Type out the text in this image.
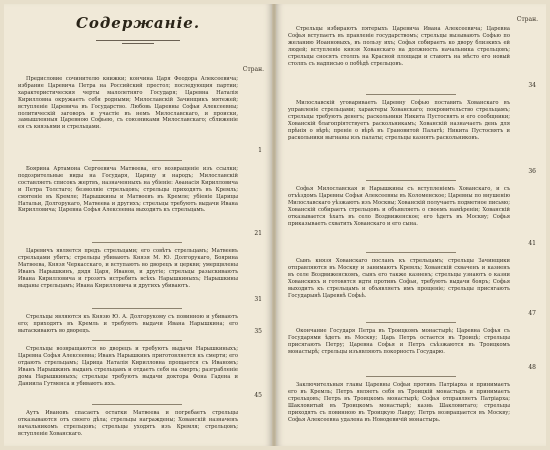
Содержанiе.
Стран.
Предисловие сочинителю книжки; кончина Царя Феодора Алексеевича; избрание Царевича Петра на Российский престол; последующия партии; характеристическия черты малолетняго Государя; Царевна Наталiя Кирилловна окружаетъ себя родными; Милославскiй Зачинщикъ мятежей; вступленiе Царевича въ Государство. Любовь Царевны Софьи Алексеевны; политическiй заговоръ и участiе въ немъ Милославскаго, и происки, замышленныя Царевною Софьею, съ союзниками Милославскаго; сближенiе ея съ князьями и стрельцами.
1
Боярина Артамона Сергеевича Матвеева, его возвращенiе изъ ссылки; подозрительные виды на Государя, Царицу и народъ; Милославскiй составляетъ списокъ жертвъ, назначенныхъ на убiенiе: Аѳанасiя Кирилловича и Петра Толстаго; безмолвiе стрельцовъ; стрельцы приходятъ въ Кремль; смятенiе въ Кремле; Нарышкины и Матвеевъ въ Кремле; убiенiе Царицы Натальи, Долгорукаго, Матвеева и другихъ; стрельцы требуютъ выдачи Ивана Кирилловича; Царевна Софья Алексеевна выходитъ къ стрельцамъ.
21
Царевичъ является предъ стрельцами; его совѣтъ стрельцамъ; Матвеевъ стрельцами убитъ; стрельцы убиваютъ Князя М. Ю. Долгорукаго, Боярина Матвеева, Князя Черкасскаго, и вступаютъ во дворецъ и церкви; умерщвлены Иванъ Нарышкинъ, дядя Царя, Иванов, и другiе; стрельцы разыскиваютъ Ивана Кирилловича и грозятъ истребить всѣхъ Нарышкиныхъ; Нарышкины выданы стрельцамъ; Ивана Кирилловича и другихъ убиваютъ.
31
Стрельцы являются къ Князю Ю. А. Долгорукому съ повинною и убиваютъ его; приходятъ въ Кремль и требуютъ выдачи Ивана Нарышкина; его вытаскиваютъ во дворецъ.	35
Стрельцы возвращаются во дворецъ и требуютъ выдачи Нарышкиныхъ; Царевна Софья Алексеевна; Иванъ Нарышкинъ приготовляется къ смерти; его отдаютъ стрельцамъ; Царица Наталiя Кирилловна прощается съ Иваномъ; Иванъ Нарышкинъ выданъ стрельцамъ и отдаетъ себя на смерть; разграбленiе дома Нарышкиныхъ; стрельцы требуютъ выдачи доктора Фона Гадена и Даниила Гутменса и убиваютъ ихъ.
45
Аутъ Ивановъ спасаетъ остатки Матвеева и погребаетъ стрельцы отказываются отъ своего дѣла; стрельцы награждены; Хованскiй назначенъ начальникомъ стрельцовъ; стрельцы уходятъ изъ Кремля; стрельцовъ; вступленiе Хованскаго.
Стран.
Стрельцы избираютъ пятерыхъ Царевича Ивана Алексеевича; Царевна Софья вступаетъ въ правленiе государствомъ; стрельцы вызываютъ Софью по желанию Иоанновыхъ, въ пользу ихъ; Софья собираетъ ко двору близкихъ ей людей; вступленiе князя Хованскаго на должность начальника стрельцовъ; стрельцы сносятъ столпъ на Красной площади и ставятъ на мѣсто его новый столпъ съ надписью о побѣдѣ стрельцовъ.
34
Милославскiй уговариваетъ Царевну Софью поставить Хованскаго въ управленiе стрельцами; характеры Хованскаго; покровительство стрельцамъ; стрельцы требуютъ денегъ; раскольники Никита Пустосвятъ и его сообщники; Хованскiй благопрiятствуетъ раскольникамъ; Хованскiй назначаетъ день для прѣнiя о вѣрѣ; пренiе о вѣрѣ въ Грановитой Палатѣ; Никита Пустосвятъ и раскольники выгнаны изъ палаты; стрельцы казнятъ раскольниковъ.
36
Софья Милославская и Нарышкины съ вступленiемъ Хованскаго, и съ отъѣздомъ Царевны Софьи Алексеевны въ Коломенское; Царевны по внушенiю Милославскаго уѣзжаютъ изъ Москвы; Хованскiй получаетъ подметное письмо; Хованскiй собираетъ стрельцовъ и объявляетъ о своемъ намѣренiи; Хованскiй отказывается ѣхать въ село Воздвиженское; его ѣдетъ въ Москву; Софья приказываетъ схватить Хованскаго и его сына.
41
Сынъ князя Хованскаго посланъ къ стрельцамъ; стрельцы Зачинщики отправляются въ Москву и занимаютъ Кремль; Хованскiй схваченъ и казненъ въ селе Воздвиженскомъ, сынъ его также казненъ; стрельцы узнаютъ о казни Хованскихъ и готовятся идти противъ Софьи, требуютъ выдачи бояръ; Софья выходитъ къ стрельцамъ и объявляетъ имъ прощенiе; стрельцы присягаютъ Государынѣ Царевнѣ Софьѣ.
47
Окончание Государя Петра въ Троицкомъ монастырѣ; Царевна Софья съ Государями ѣдетъ въ Москву; Царь Петръ остается въ Троицѣ; стрельцы присягаютъ Петру; Царевна Софья и Петръ съѣзжаются въ Троицкомъ монастырѣ; стрельцы изъявляютъ покорность Государю.
48
Заключительныя главы Царевны Софьи противъ Патрiарха и принимаетъ его въ Кремль; Петръ являетъ себя въ Троицкiй монастырь и принимаетъ стрельцовъ; Петръ въ Троицкомъ монастырѣ; Софья отправляетъ Патрiарха; Шакловитый въ Троицкомъ монастырѣ; казнь Шакловитаго; стрельцы приходятъ съ повинною въ Троицкую Лавру; Петръ возвращается въ Москву; Софья Алексеевна удалена въ Новодевичiй монастырь.
